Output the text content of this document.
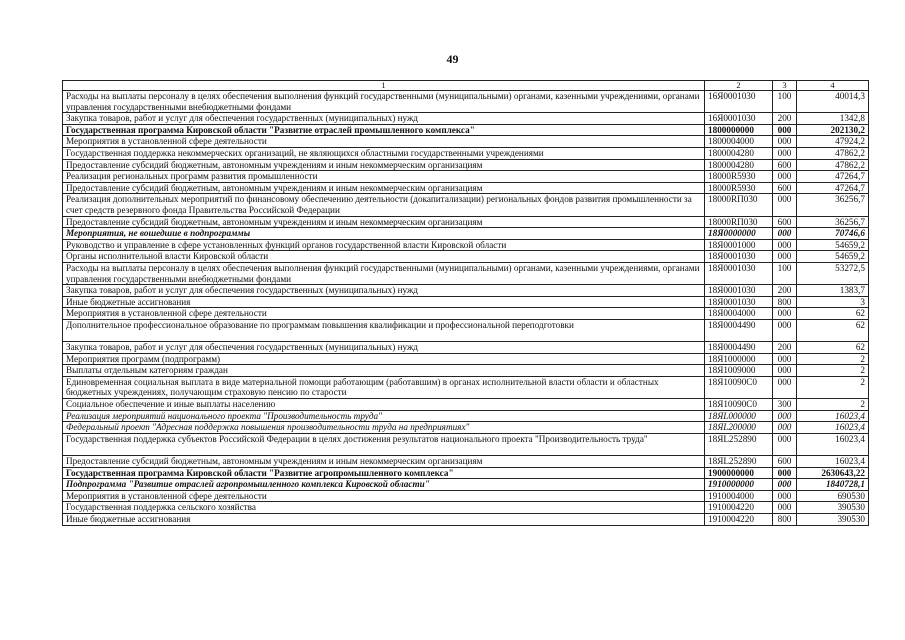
49
1	2	3	4
Расходы на выплаты персоналу в целях обеспечения выполнения функций государственными (муниципальными) органами, казенными учреждениями, органами управления государственными внебюджетными фондами	16Я0001030	100	40014,3
Закупка товаров, работ и услуг для обеспечения государственных (муниципальных) нужд	16Я0001030	200	1342,8
Государственная программа Кировской области "Развитие отраслей промышленного комплекса"	1800000000	000	202130,2
Мероприятия в установленной сфере деятельности	1800004000	000	47924,2
Государственная поддержка некоммерческих организаций, не являющихся областными государственными учреждениями	1800004280	000	47862,2
Предоставление субсидий бюджетным, автономным учреждениям и иным некоммерческим организациям	1800004280	600	47862,2
Реализация региональных программ развития промышленности	18000R5930	000	47264,7
Предоставление субсидий бюджетным, автономным учреждениям и иным некоммерческим организациям	18000R5930	600	47264,7
Реализация дополнительных мероприятий по финансовому обеспечению деятельности (докапитализации) региональных фондов развития промышленности за счет средств резервного фонда Правительства Российской Федерации	18000RП030	000	36256,7
Предоставление субсидий бюджетным, автономным учреждениям и иным некоммерческим организациям	18000RП030	600	36256,7
Мероприятия, не вошедшие в подпрограммы	18Я0000000	000	70746,6
Руководство и управление в сфере установленных функций органов государственной власти Кировской области	18Я0001000	000	54659,2
Органы исполнительной власти Кировской области	18Я0001030	000	54659,2
Расходы на выплаты персоналу в целях обеспечения выполнения функций государственными (муниципальными) органами, казенными учреждениями, органами управления государственными внебюджетными фондами	18Я0001030	100	53272,5
Закупка товаров, работ и услуг для обеспечения государственных (муниципальных) нужд	18Я0001030	200	1383,7
Иные бюджетные ассигнования	18Я0001030	800	3
Мероприятия в установленной сфере деятельности	18Я0004000	000	62
Дополнительное профессиональное образование по программам повышения квалификации и профессиональной переподготовки	18Я0004490	000	62
Закупка товаров, работ и услуг для обеспечения государственных (муниципальных) нужд	18Я0004490	200	62
Мероприятия программ (подпрограмм)	18Я1000000	000	2
Выплаты отдельным категориям граждан	18Я1009000	000	2
Единовременная социальная выплата в виде материальной помощи работающим (работавшим) в органах исполнительной власти области и областных бюджетных учреждениях, получающим страховую пенсию по старости	18Я10090С0	000	2
Социальное обеспечение и иные выплаты населению	18Я10090С0	300	2
Реализация мероприятий национального проекта "Производительность труда"	18ЯL000000	000	16023,4
Федеральный проект "Адресная поддержка повышения производительности труда на предприятиях"	18ЯL200000	000	16023,4
Государственная поддержка субъектов Российской Федерации в целях достижения результатов национального проекта "Производительность труда"	18ЯL252890	000	16023,4
Предоставление субсидий бюджетным, автономным учреждениям и иным некоммерческим организациям	18ЯL252890	600	16023,4
Государственная программа Кировской области "Развитие агропромышленного комплекса"	1900000000	000	2630643,22
Подпрограмма "Развитие отраслей агропромышленного комплекса Кировской области"	1910000000	000	1840728,1
Мероприятия в установленной сфере деятельности	1910004000	000	690530
Государственная поддержка сельского хозяйства	1910004220	000	390530
Иные бюджетные ассигнования	1910004220	800	390530
